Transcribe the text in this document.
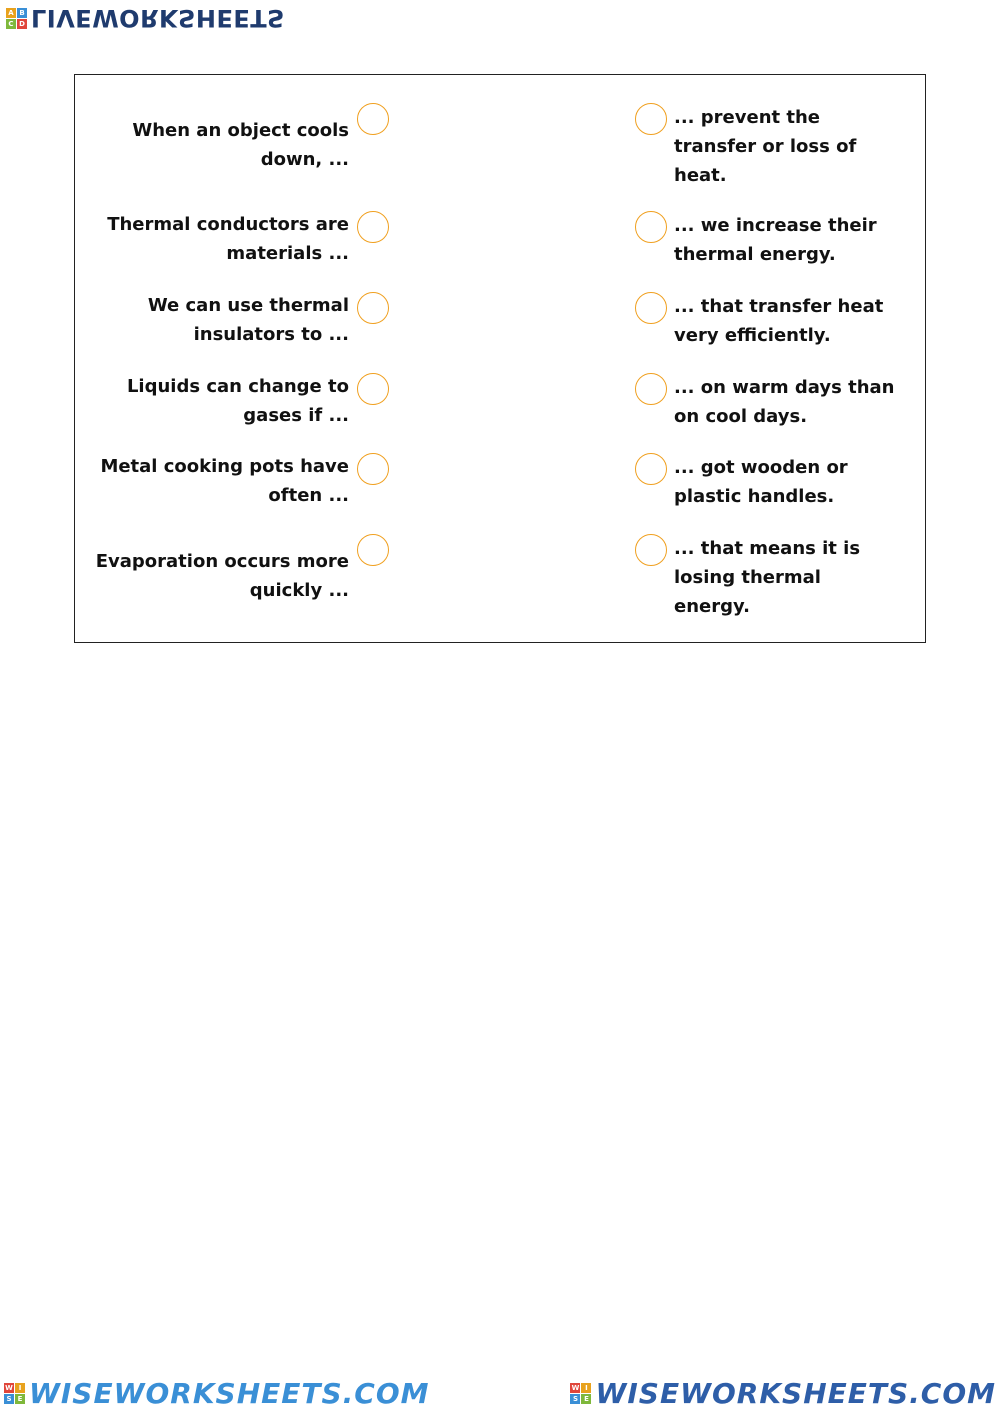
A B
C D LIVEWORKSHEETS
When an object cools down, ...
Thermal conductors are materials ...
We can use thermal insulators to ...
Liquids can change to gases if ...
Metal cooking pots have often ...
Evaporation occurs more quickly ...
... prevent the transfer or loss of heat.
... we increase their thermal energy.
... that transfer heat very efficiently.
... on warm days than on cool days.
... got wooden or plastic handles.
... that means it is losing thermal energy.
W I
S E WISEWORKSHEETS.COM	W I
S E WISEWORKSHEETS.COM
